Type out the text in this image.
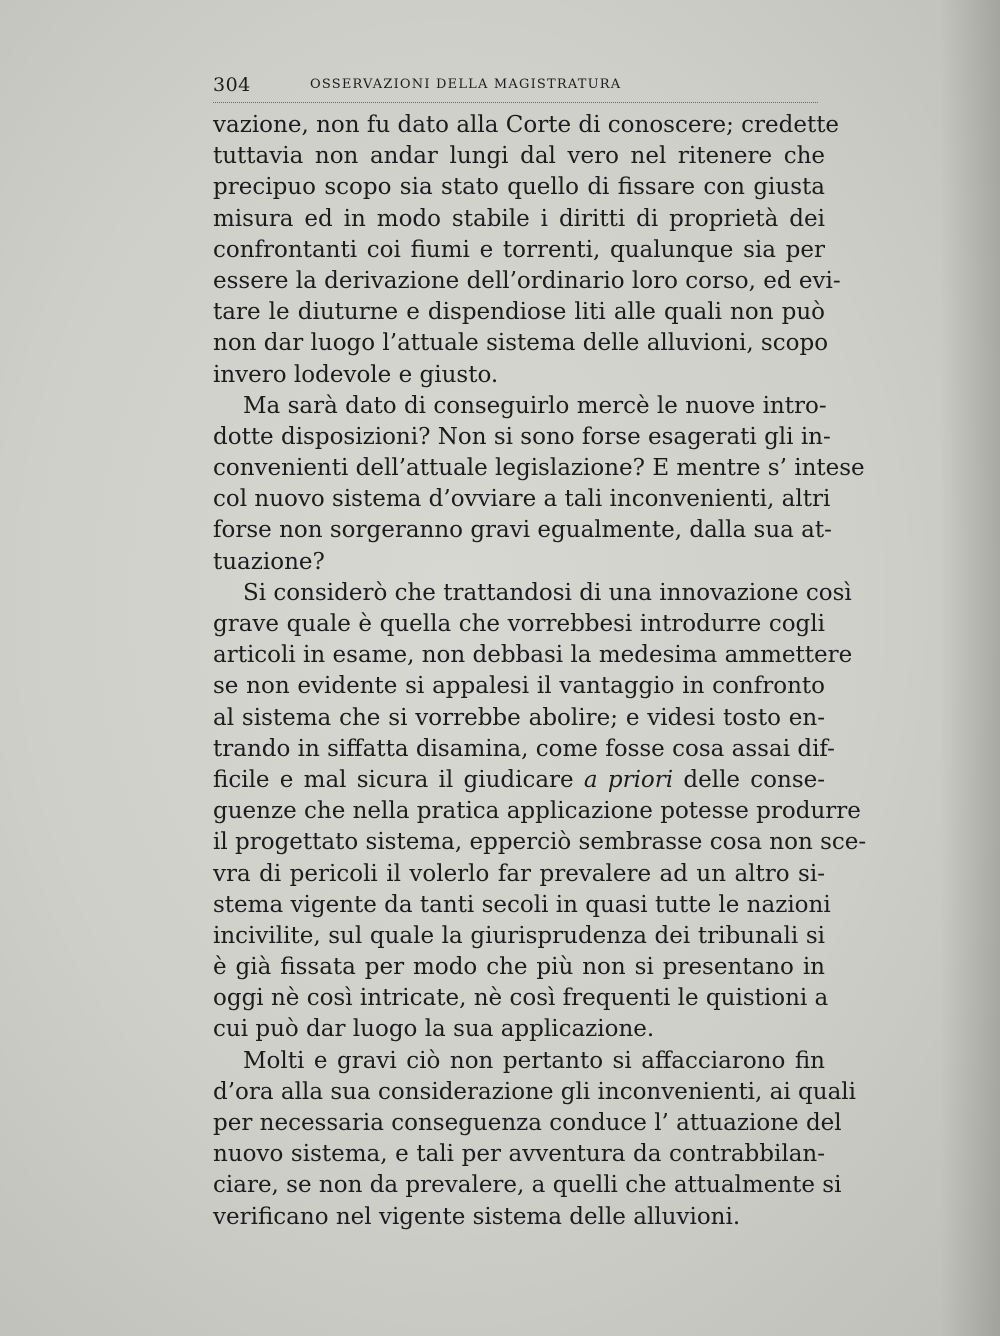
304	OSSERVAZIONI DELLA MAGISTRATURA
vazione, non fu dato alla Corte di conoscere; credette
tuttavia non andar lungi dal vero nel ritenere che
precipuo scopo sia stato quello di fissare con giusta
misura ed in modo stabile i diritti di proprietà dei
confrontanti coi fiumi e torrenti, qualunque sia per
essere la derivazione dell’ordinario loro corso, ed evi-
tare le diuturne e dispendiose liti alle quali non può
non dar luogo l’attuale sistema delle alluvioni, scopo
invero lodevole e giusto.
Ma sarà dato di conseguirlo mercè le nuove intro-
dotte disposizioni? Non si sono forse esagerati gli in-
convenienti dell’attuale legislazione? E mentre s’ intese
col nuovo sistema d’ovviare a tali inconvenienti, altri
forse non sorgeranno gravi egualmente, dalla sua at-
tuazione?
Si considerò che trattandosi di una innovazione così
grave quale è quella che vorrebbesi introdurre cogli
articoli in esame, non debbasi la medesima ammettere
se non evidente si appalesi il vantaggio in confronto
al sistema che si vorrebbe abolire; e videsi tosto en-
trando in siffatta disamina, come fosse cosa assai dif-
ficile e mal sicura il giudicare a priori delle conse-
guenze che nella pratica applicazione potesse produrre
il progettato sistema, epperciò sembrasse cosa non sce-
vra di pericoli il volerlo far prevalere ad un altro si-
stema vigente da tanti secoli in quasi tutte le nazioni
incivilite, sul quale la giurisprudenza dei tribunali si
è già fissata per modo che più non si presentano in
oggi nè così intricate, nè così frequenti le quistioni a
cui può dar luogo la sua applicazione.
Molti e gravi ciò non pertanto si affacciarono fin
d’ora alla sua considerazione gli inconvenienti, ai quali
per necessaria conseguenza conduce l’ attuazione del
nuovo sistema, e tali per avventura da contrabbilan-
ciare, se non da prevalere, a quelli che attualmente si
verificano nel vigente sistema delle alluvioni.
